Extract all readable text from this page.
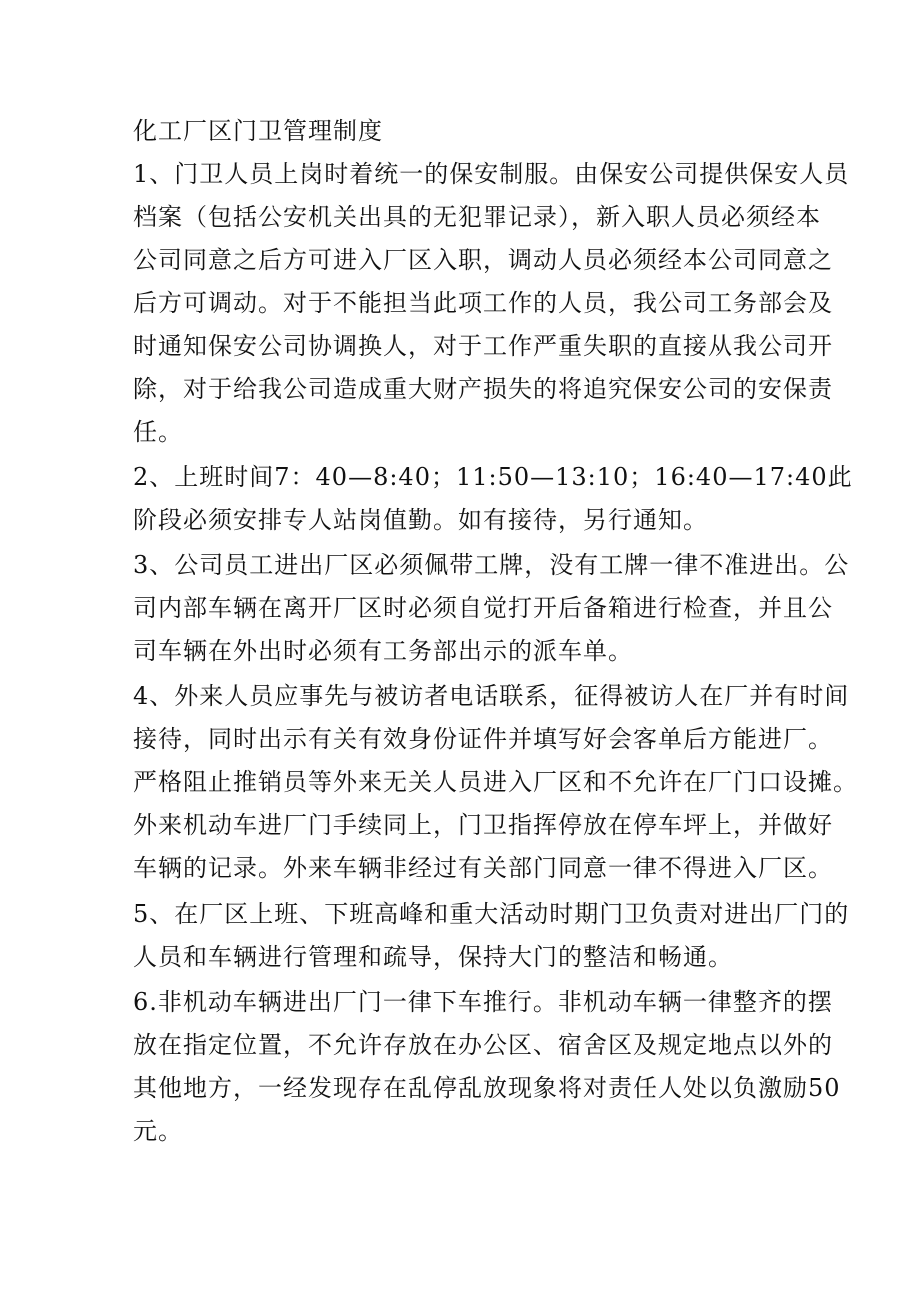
化工厂区门卫管理制度

1、门卫人员上岗时着统一的保安制服。由保安公司提供保安人员
档案（包括公安机关出具的无犯罪记录），新入职人员必须经本
公司同意之后方可进入厂区入职，调动人员必须经本公司同意之
后方可调动。对于不能担当此项工作的人员，我公司工务部会及
时通知保安公司协调换人，对于工作严重失职的直接从我公司开
除，对于给我公司造成重大财产损失的将追究保安公司的安保责
任。

2、上班时间7：40—8:40；11:50—13:10；16:40—17:40此
阶段必须安排专人站岗值勤。如有接待，另行通知。

3、公司员工进出厂区必须佩带工牌，没有工牌一律不准进出。公
司内部车辆在离开厂区时必须自觉打开后备箱进行检查，并且公
司车辆在外出时必须有工务部出示的派车单。

4、外来人员应事先与被访者电话联系，征得被访人在厂并有时间
接待，同时出示有关有效身份证件并填写好会客单后方能进厂。
严格阻止推销员等外来无关人员进入厂区和不允许在厂门口设摊。
外来机动车进厂门手续同上，门卫指挥停放在停车坪上，并做好
车辆的记录。外来车辆非经过有关部门同意一律不得进入厂区。

5、在厂区上班、下班高峰和重大活动时期门卫负责对进出厂门的
人员和车辆进行管理和疏导，保持大门的整洁和畅通。

6.非机动车辆进出厂门一律下车推行。非机动车辆一律整齐的摆
放在指定位置，不允许存放在办公区、宿舍区及规定地点以外的
其他地方，一经发现存在乱停乱放现象将对责任人处以负激励50
元。
